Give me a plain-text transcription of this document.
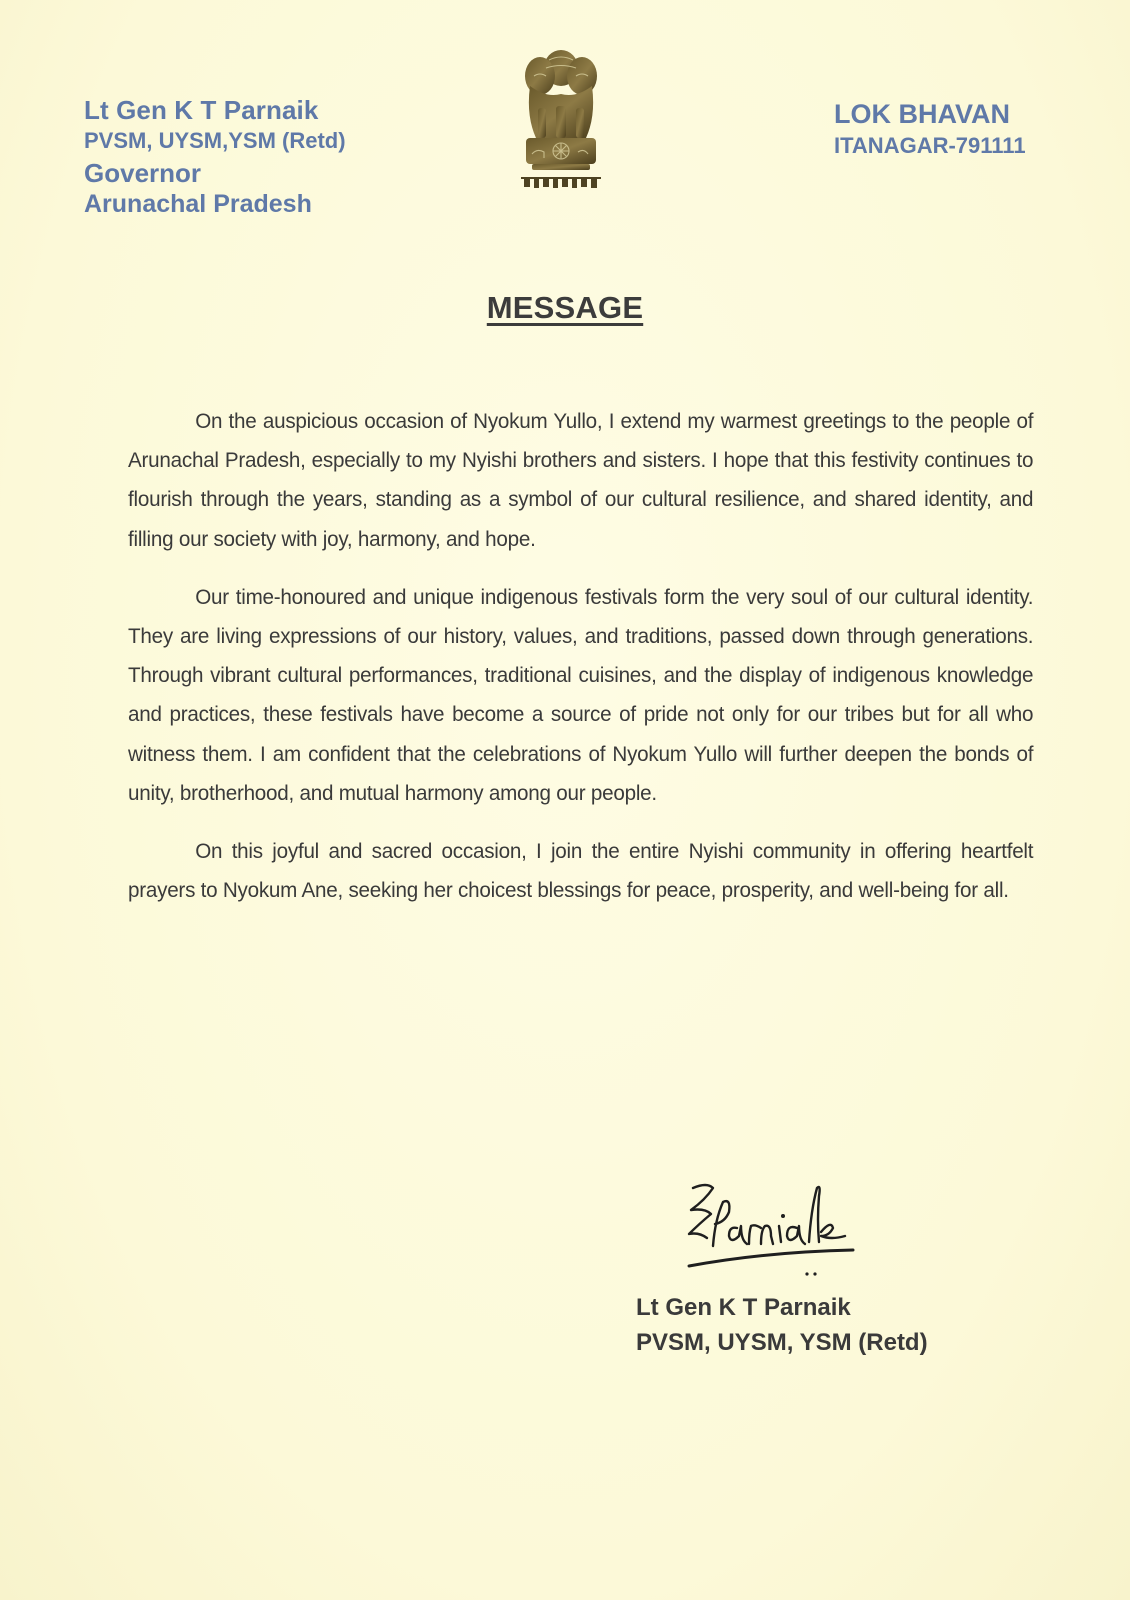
Lt Gen K T Parnaik
PVSM, UYSM,YSM (Retd)
Governor
Arunachal Pradesh
LOK BHAVAN
ITANAGAR-791111
MESSAGE

On the auspicious occasion of Nyokum Yullo, I extend my warmest greetings to the people of Arunachal Pradesh, especially to my Nyishi brothers and sisters. I hope that this festivity continues to flourish through the years, standing as a symbol of our cultural resilience, and shared identity, and filling our society with joy, harmony, and hope.

Our time-honoured and unique indigenous festivals form the very soul of our cultural identity. They are living expressions of our history, values, and traditions, passed down through generations. Through vibrant cultural performances, traditional cuisines, and the display of indigenous knowledge and practices, these festivals have become a source of pride not only for our tribes but for all who witness them. I am confident that the celebrations of Nyokum Yullo will further deepen the bonds of unity, brotherhood, and mutual harmony among our people.

On this joyful and sacred occasion, I join the entire Nyishi community in offering heartfelt prayers to Nyokum Ane, seeking her choicest blessings for peace, prosperity, and well-being for all.

Lt Gen K T Parnaik
PVSM, UYSM, YSM (Retd)
